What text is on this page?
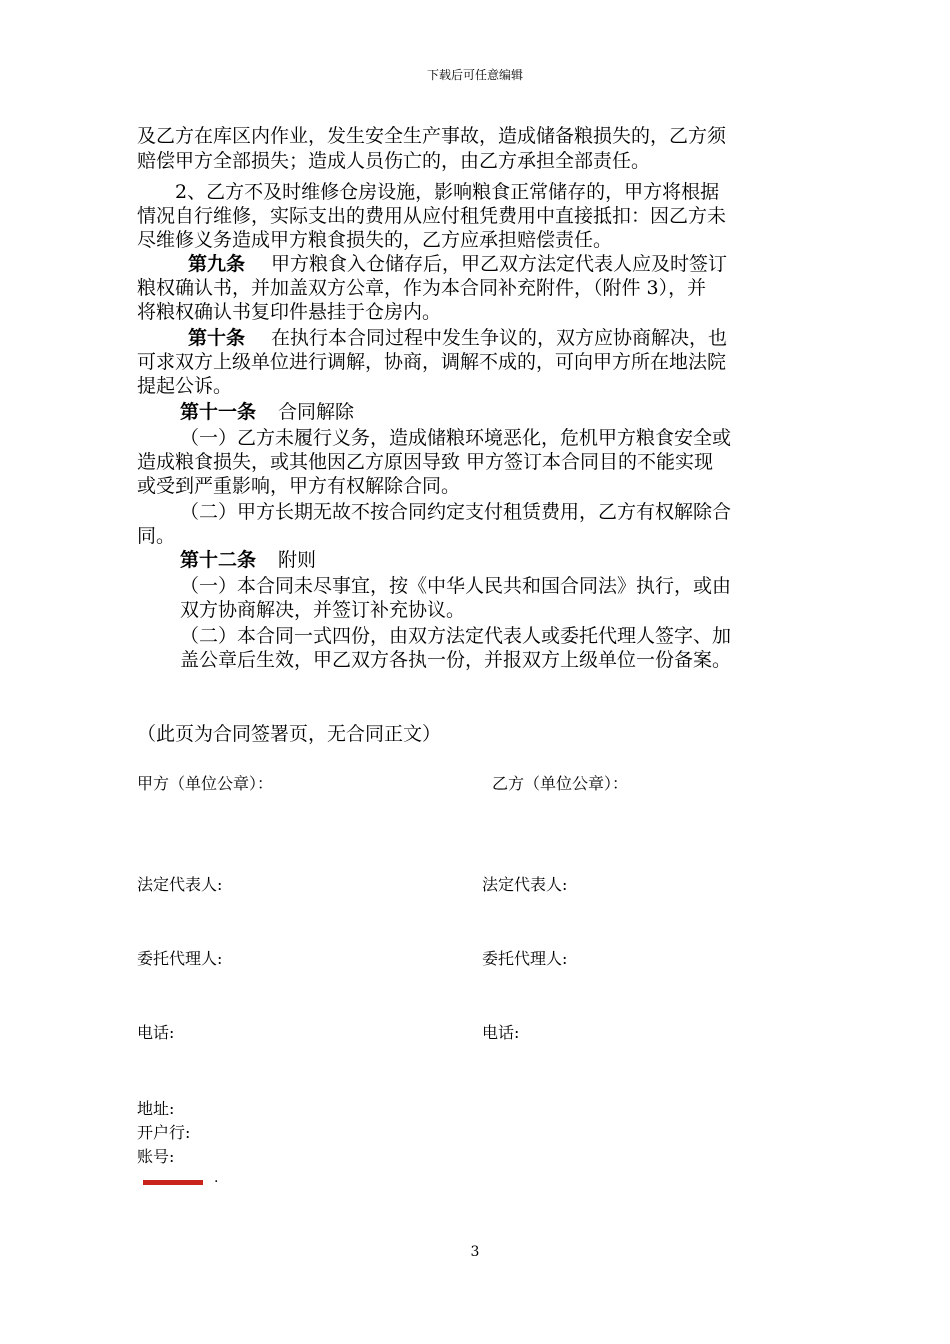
下载后可任意编辑
及乙方在库区内作业，发生安全生产事故，造成储备粮损失的，乙方须
赔偿甲方全部损失；造成人员伤亡的，由乙方承担全部责任。
2、乙方不及时维修仓房设施，影响粮食正常储存的，甲方将根据
情况自行维修，实际支出的费用从应付租凭费用中直接抵扣：因乙方未
尽维修义务造成甲方粮食损失的，乙方应承担赔偿责任。
第九条 甲方粮食入仓储存后，甲乙双方法定代表人应及时签订
粮权确认书，并加盖双方公章，作为本合同补充附件，（附件 3），并
将粮权确认书复印件悬挂于仓房内。
第十条 在执行本合同过程中发生争议的，双方应协商解决，也
可求双方上级单位进行调解，协商，调解不成的，可向甲方所在地法院
提起公诉。
第十一条 合同解除
（一）乙方未履行义务，造成储粮环境恶化，危机甲方粮食安全或
造成粮食损失，或其他因乙方原因导致 甲方签订本合同目的不能实现
或受到严重影响，甲方有权解除合同。
（二）甲方长期无故不按合同约定支付租赁费用，乙方有权解除合
同。
第十二条 附则
（一）本合同未尽事宜，按《中华人民共和国合同法》执行，或由
双方协商解决，并签订补充协议。
（二）本合同一式四份，由双方法定代表人或委托代理人签字、加
盖公章后生效，甲乙双方各执一份，并报双方上级单位一份备案。
（此页为合同签署页，无合同正文）
甲方（单位公章）：	乙方（单位公章）：
法定代表人:	法定代表人:
委托代理人:	委托代理人:
电话:	电话:
地址:
开户行:
账号:
.
3
